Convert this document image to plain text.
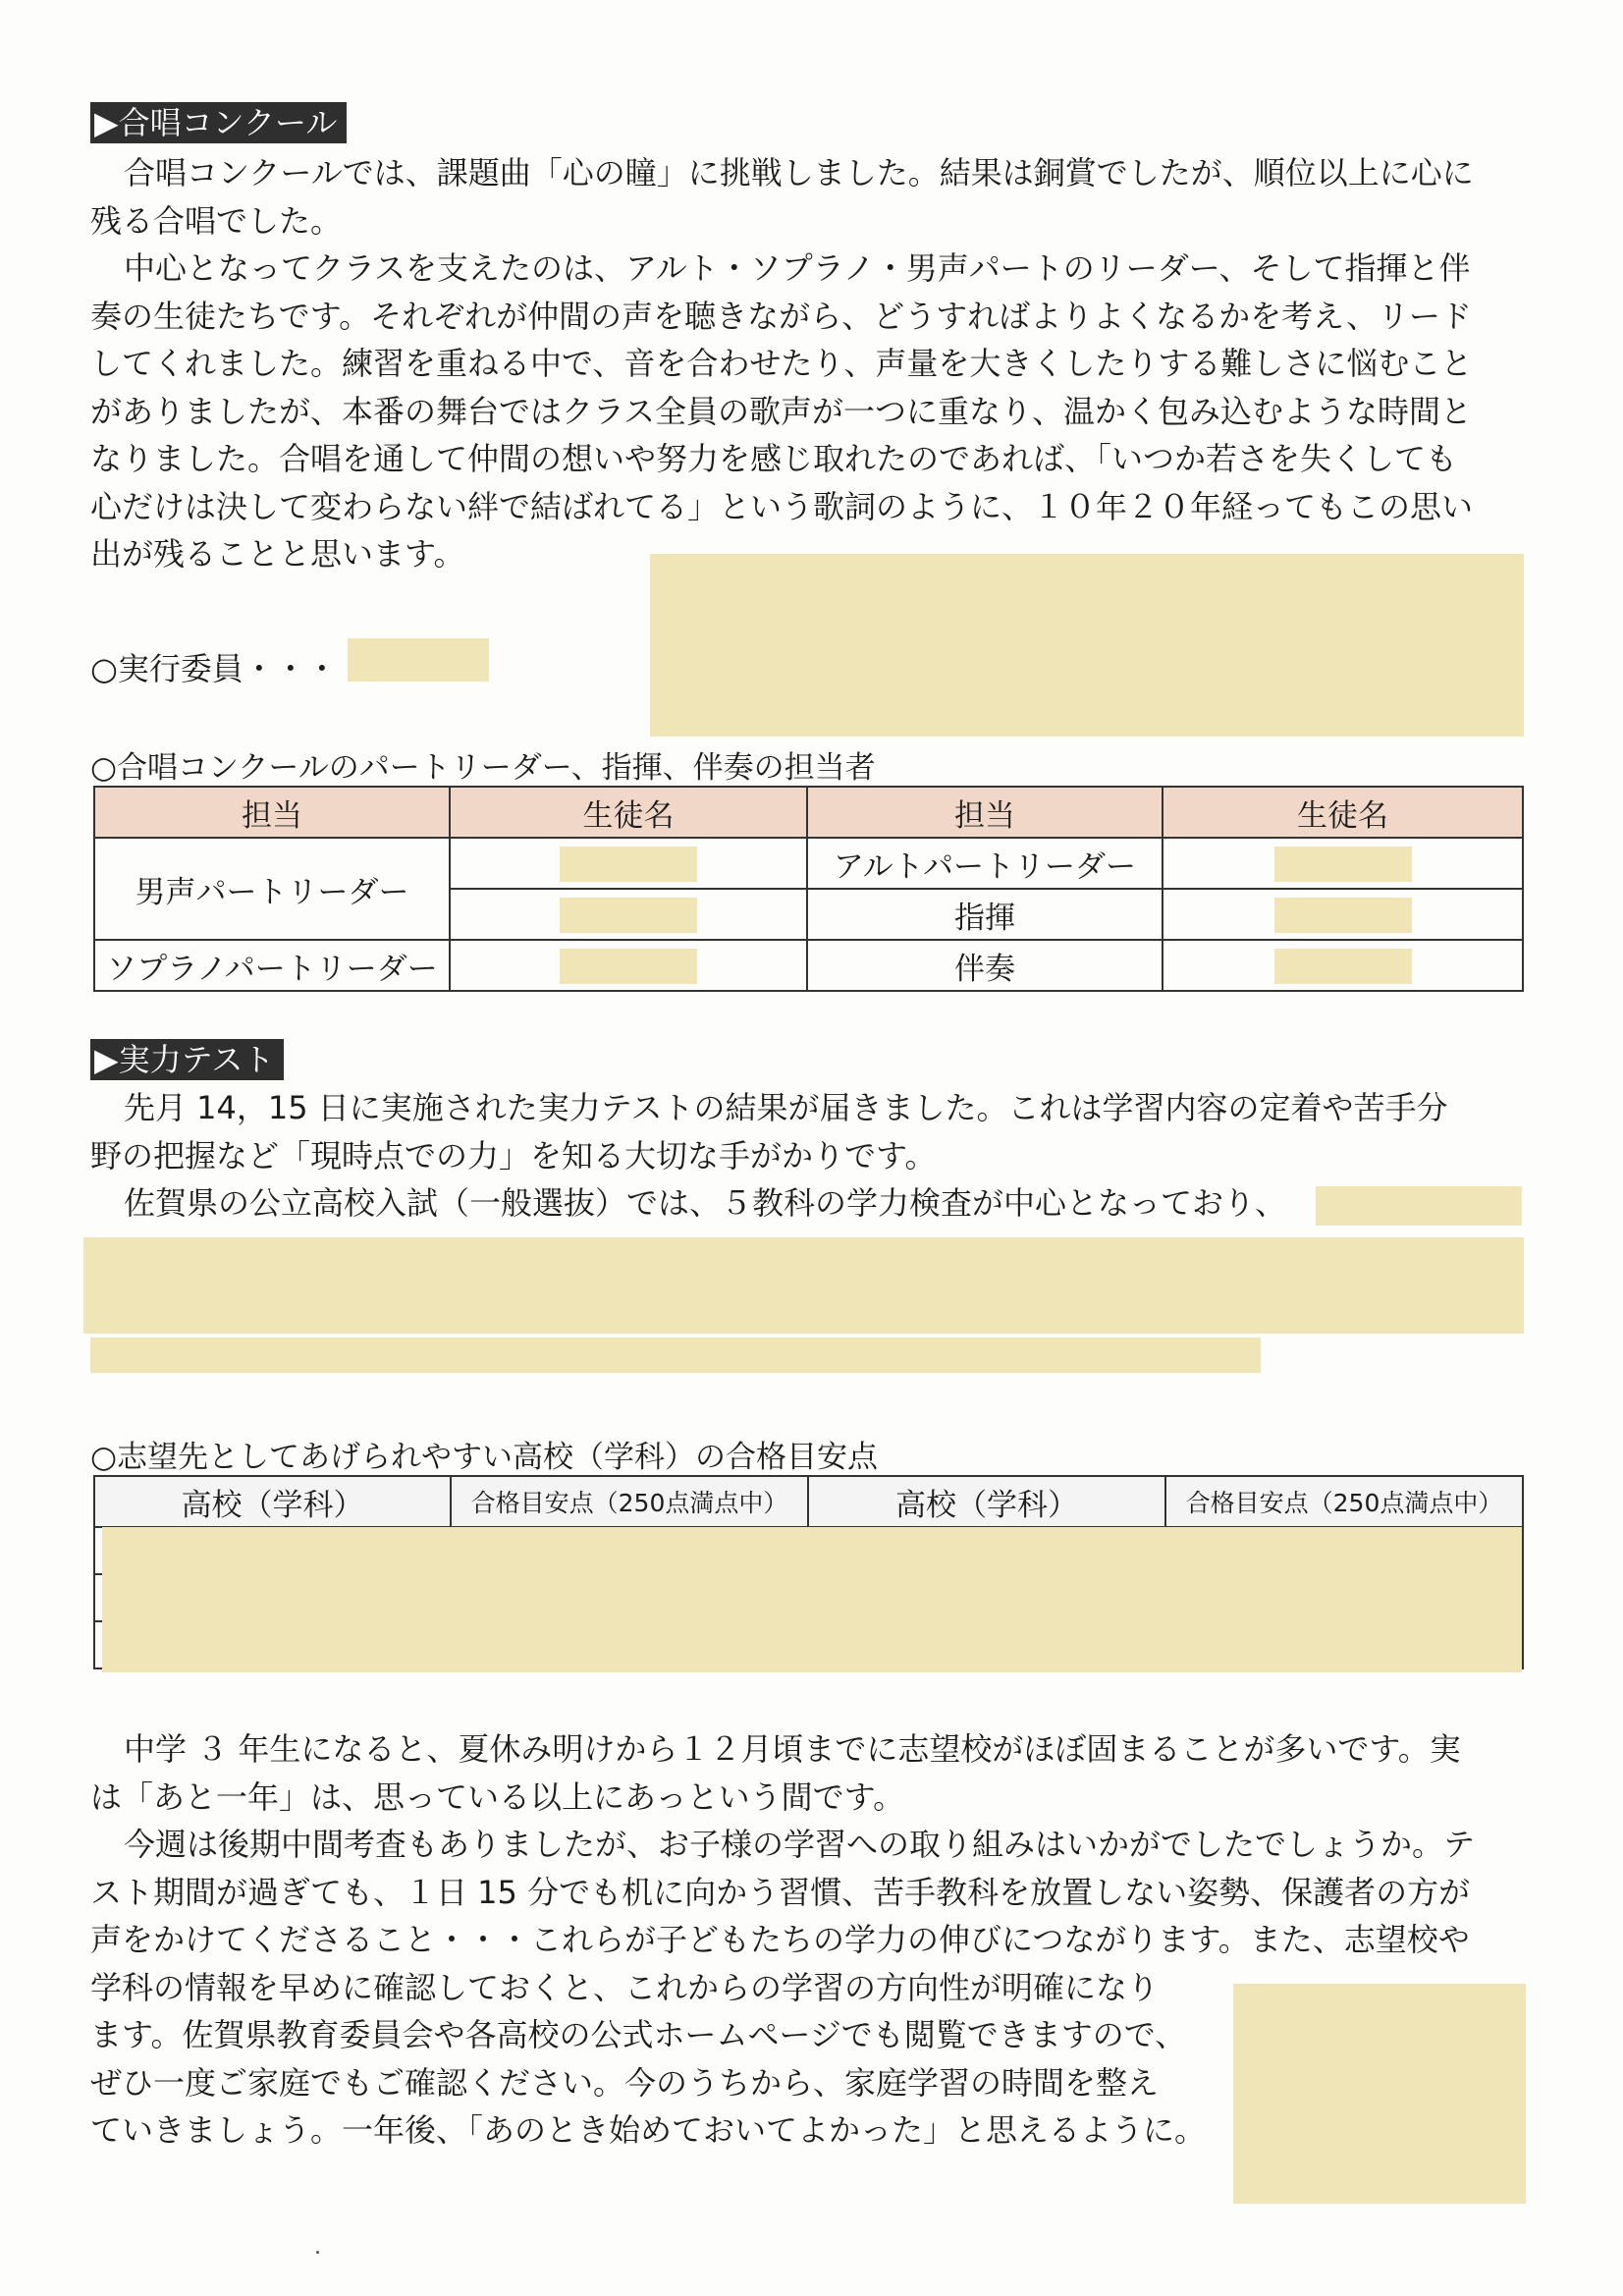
▶合唱コンクール
合唱コンクールでは、課題曲「心の瞳」に挑戦しました。結果は銅賞でしたが、順位以上に心に
残る合唱でした。
中心となってクラスを支えたのは、アルト・ソプラノ・男声パートのリーダー、そして指揮と伴
奏の生徒たちです。それぞれが仲間の声を聴きながら、どうすればよりよくなるかを考え、リード
してくれました。練習を重ねる中で、音を合わせたり、声量を大きくしたりする難しさに悩むこと
がありましたが、本番の舞台ではクラス全員の歌声が一つに重なり、温かく包み込むような時間と
なりました。合唱を通して仲間の想いや努力を感じ取れたのであれば、「いつか若さを失くしても
心だけは決して変わらない絆で結ばれてる」という歌詞のように、１０年２０年経ってもこの思い
出が残ることと思います。
○実行委員・・・
○合唱コンクールのパートリーダー、指揮、伴奏の担当者
担当	生徒名	担当	生徒名
男声パートリーダー		アルトパートリーダー	
		指揮	
ソプラノパートリーダー		伴奏	
▶実力テスト
先月 14，15 日に実施された実力テストの結果が届きました。これは学習内容の定着や苦手分
野の把握など「現時点での力」を知る大切な手がかりです。
佐賀県の公立高校入試（一般選抜）では、５教科の学力検査が中心となっており、
○志望先としてあげられやすい高校（学科）の合格目安点
高校（学科）	合格目安点（250点満点中）	高校（学科）	合格目安点（250点満点中）

中学 ３ 年生になると、夏休み明けから１２月頃までに志望校がほぼ固まることが多いです。実
は「あと一年」は、思っている以上にあっという間です。
今週は後期中間考査もありましたが、お子様の学習への取り組みはいかがでしたでしょうか。テ
スト期間が過ぎても、１日 15 分でも机に向かう習慣、苦手教科を放置しない姿勢、保護者の方が
声をかけてくださること・・・これらが子どもたちの学力の伸びにつながります。また、志望校や
学科の情報を早めに確認しておくと、これからの学習の方向性が明確になり
ます。佐賀県教育委員会や各高校の公式ホームページでも閲覧できますので、
ぜひ一度ご家庭でもご確認ください。今のうちから、家庭学習の時間を整え
ていきましょう。一年後、「あのとき始めておいてよかった」と思えるように。
